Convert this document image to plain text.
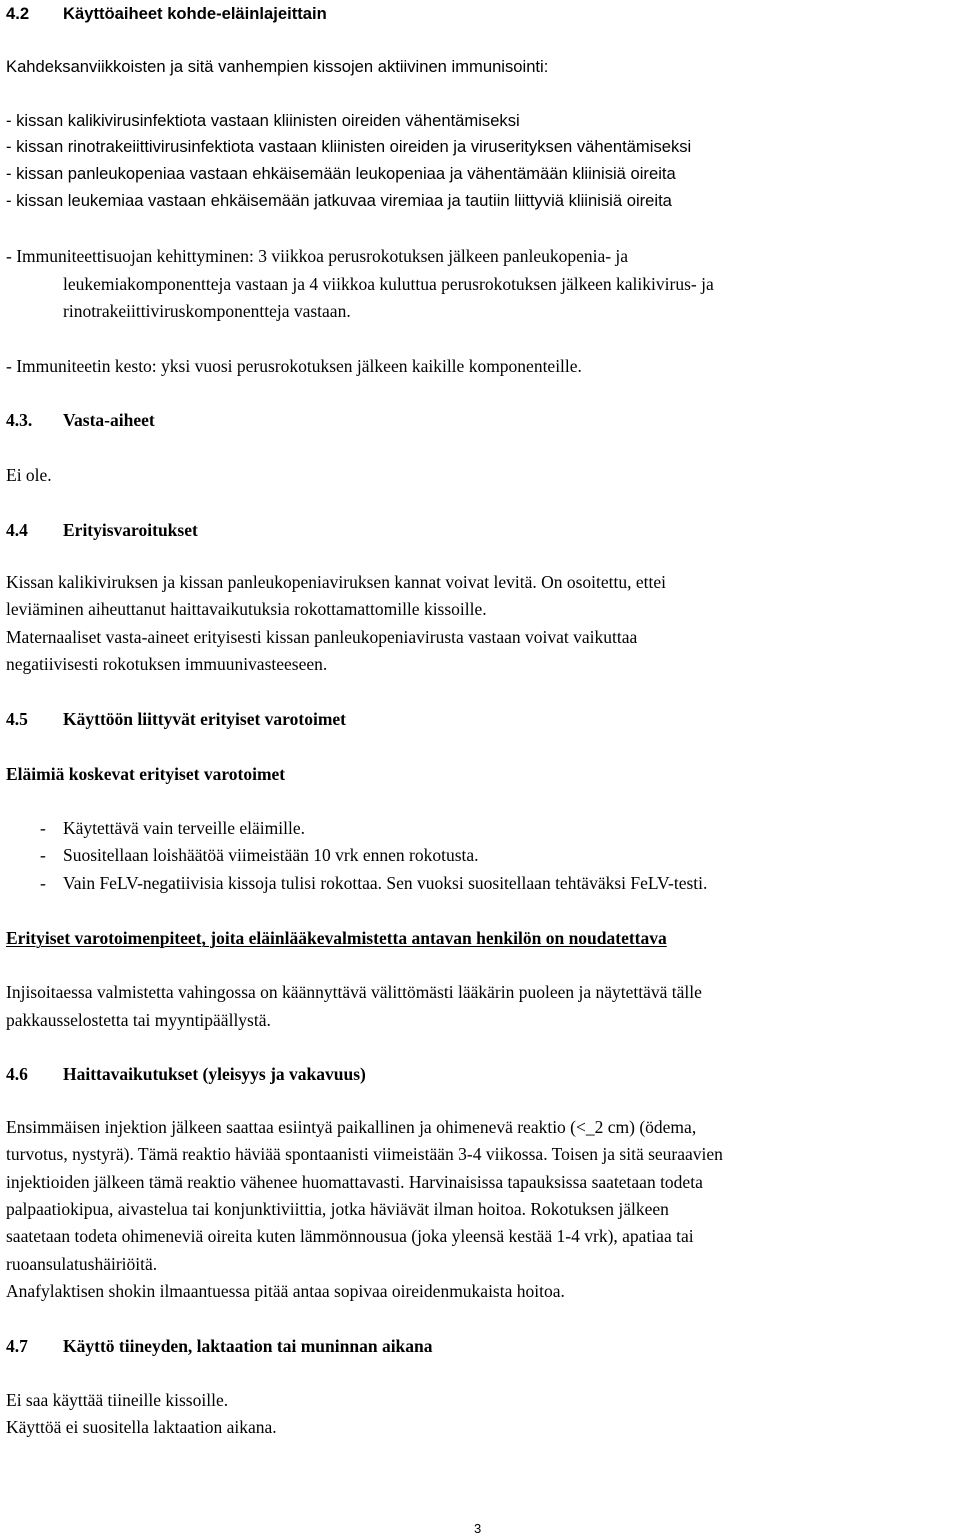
4.2 Käyttöaiheet kohde-eläinlajeittain
Kahdeksanviikkoisten ja sitä vanhempien kissojen aktiivinen immunisointi:
- kissan kalikivirusinfektiota vastaan kliinisten oireiden vähentämiseksi
- kissan rinotrakeiittivirusinfektiota vastaan kliinisten oireiden ja viruserityksen vähentämiseksi
- kissan panleukopeniaa vastaan ehkäisemään leukopeniaa ja vähentämään kliinisiä oireita
- kissan leukemiaa vastaan ehkäisemään jatkuvaa viremiaa ja tautiin liittyviä kliinisiä oireita
- Immuniteettisuojan kehittyminen: 3 viikkoa perusrokotuksen jälkeen panleukopenia- ja
leukemiakomponentteja vastaan ja 4 viikkoa kuluttua perusrokotuksen jälkeen kalikivirus- ja
rinotrakeiittiviruskomponentteja vastaan.
- Immuniteetin kesto: yksi vuosi perusrokotuksen jälkeen kaikille komponenteille.
4.3. Vasta-aiheet
Ei ole.
4.4 Erityisvaroitukset
Kissan kalikiviruksen ja kissan panleukopeniaviruksen kannat voivat levitä. On osoitettu, ettei
leviäminen aiheuttanut haittavaikutuksia rokottamattomille kissoille.
Maternaaliset vasta-aineet erityisesti kissan panleukopeniavirusta vastaan voivat vaikuttaa
negatiivisesti rokotuksen immuunivasteeseen.
4.5 Käyttöön liittyvät erityiset varotoimet
Eläimiä koskevat erityiset varotoimet
- Käytettävä vain terveille eläimille.
- Suositellaan loishäätöä viimeistään 10 vrk ennen rokotusta.
- Vain FeLV-negatiivisia kissoja tulisi rokottaa. Sen vuoksi suositellaan tehtäväksi FeLV-testi.
Erityiset varotoimenpiteet, joita eläinlääkevalmistetta antavan henkilön on noudatettava
Injisoitaessa valmistetta vahingossa on käännyttävä välittömästi lääkärin puoleen ja näytettävä tälle
pakkausselostetta tai myyntipäällystä.
4.6 Haittavaikutukset (yleisyys ja vakavuus)
Ensimmäisen injektion jälkeen saattaa esiintyä paikallinen ja ohimenevä reaktio (<_2 cm) (ödema,
turvotus, nystyrä). Tämä reaktio häviää spontaanisti viimeistään 3-4 viikossa. Toisen ja sitä seuraavien
injektioiden jälkeen tämä reaktio vähenee huomattavasti. Harvinaisissa tapauksissa saatetaan todeta
palpaatiokipua, aivastelua tai konjunktiviittia, jotka häviävät ilman hoitoa. Rokotuksen jälkeen
saatetaan todeta ohimeneviä oireita kuten lämmönnousua (joka yleensä kestää 1-4 vrk), apatiaa tai
ruoansulatushäiriöitä.
Anafylaktisen shokin ilmaantuessa pitää antaa sopivaa oireidenmukaista hoitoa.
4.7 Käyttö tiineyden, laktaation tai muninnan aikana
Ei saa käyttää tiineille kissoille.
Käyttöä ei suositella laktaation aikana.
3
